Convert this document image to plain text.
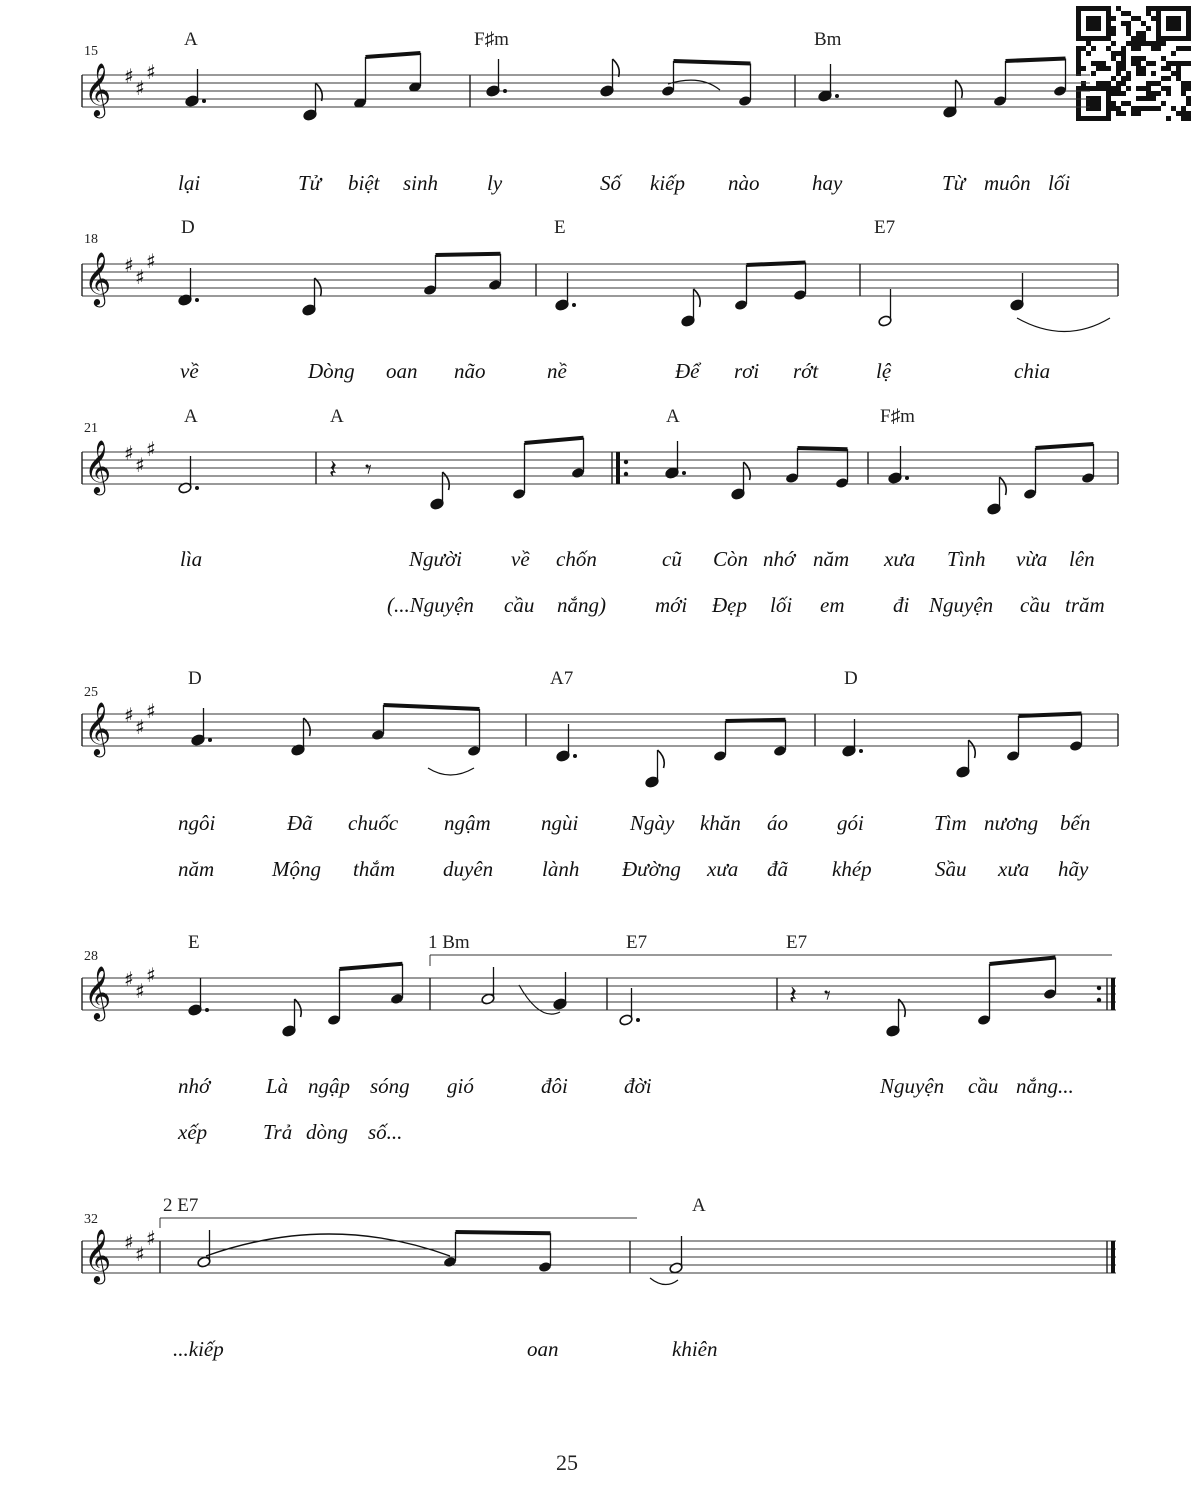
15
A	F♯m	Bm
𝄞 ♯ ♯
♯
lại	Tử biệt sinh ly	Số kiếp nào	hay	Từ muôn lối
18
D	E	E7
𝄞 ♯ ♯
♯
về	Dòng oan não	nề	Để rơi rớt	lệ	chia
21
A	A	A	F♯m
𝄞 ♯ ♯
♯
𝄽 𝄾
lìa	Người về chốn	cũ Còn nhớ năm xưa Tình vừa lên
(...Nguyện cầu nắng) mới Đẹp lối em đi Nguyện cầu trăm
25
D	A7	D
𝄞 ♯ ♯
♯
ngôi	Đã chuốc ngậm ngùi Ngày khăn áo gói	Tìm nương bến
năm	Mộng thắm duyên lành Đường xưa đã khép	Sầu xưa hãy
28
E	1 Bm	E7	E7
𝄞 ♯ ♯
♯
𝄽 𝄾
nhớ	Là ngập sóng gió	đôi	đời	Nguyện cầu nắng...
xếp	Trả dòng số...
32
2 E7	A
𝄞 ♯ ♯
♯
...kiếp	oan	khiên
25
